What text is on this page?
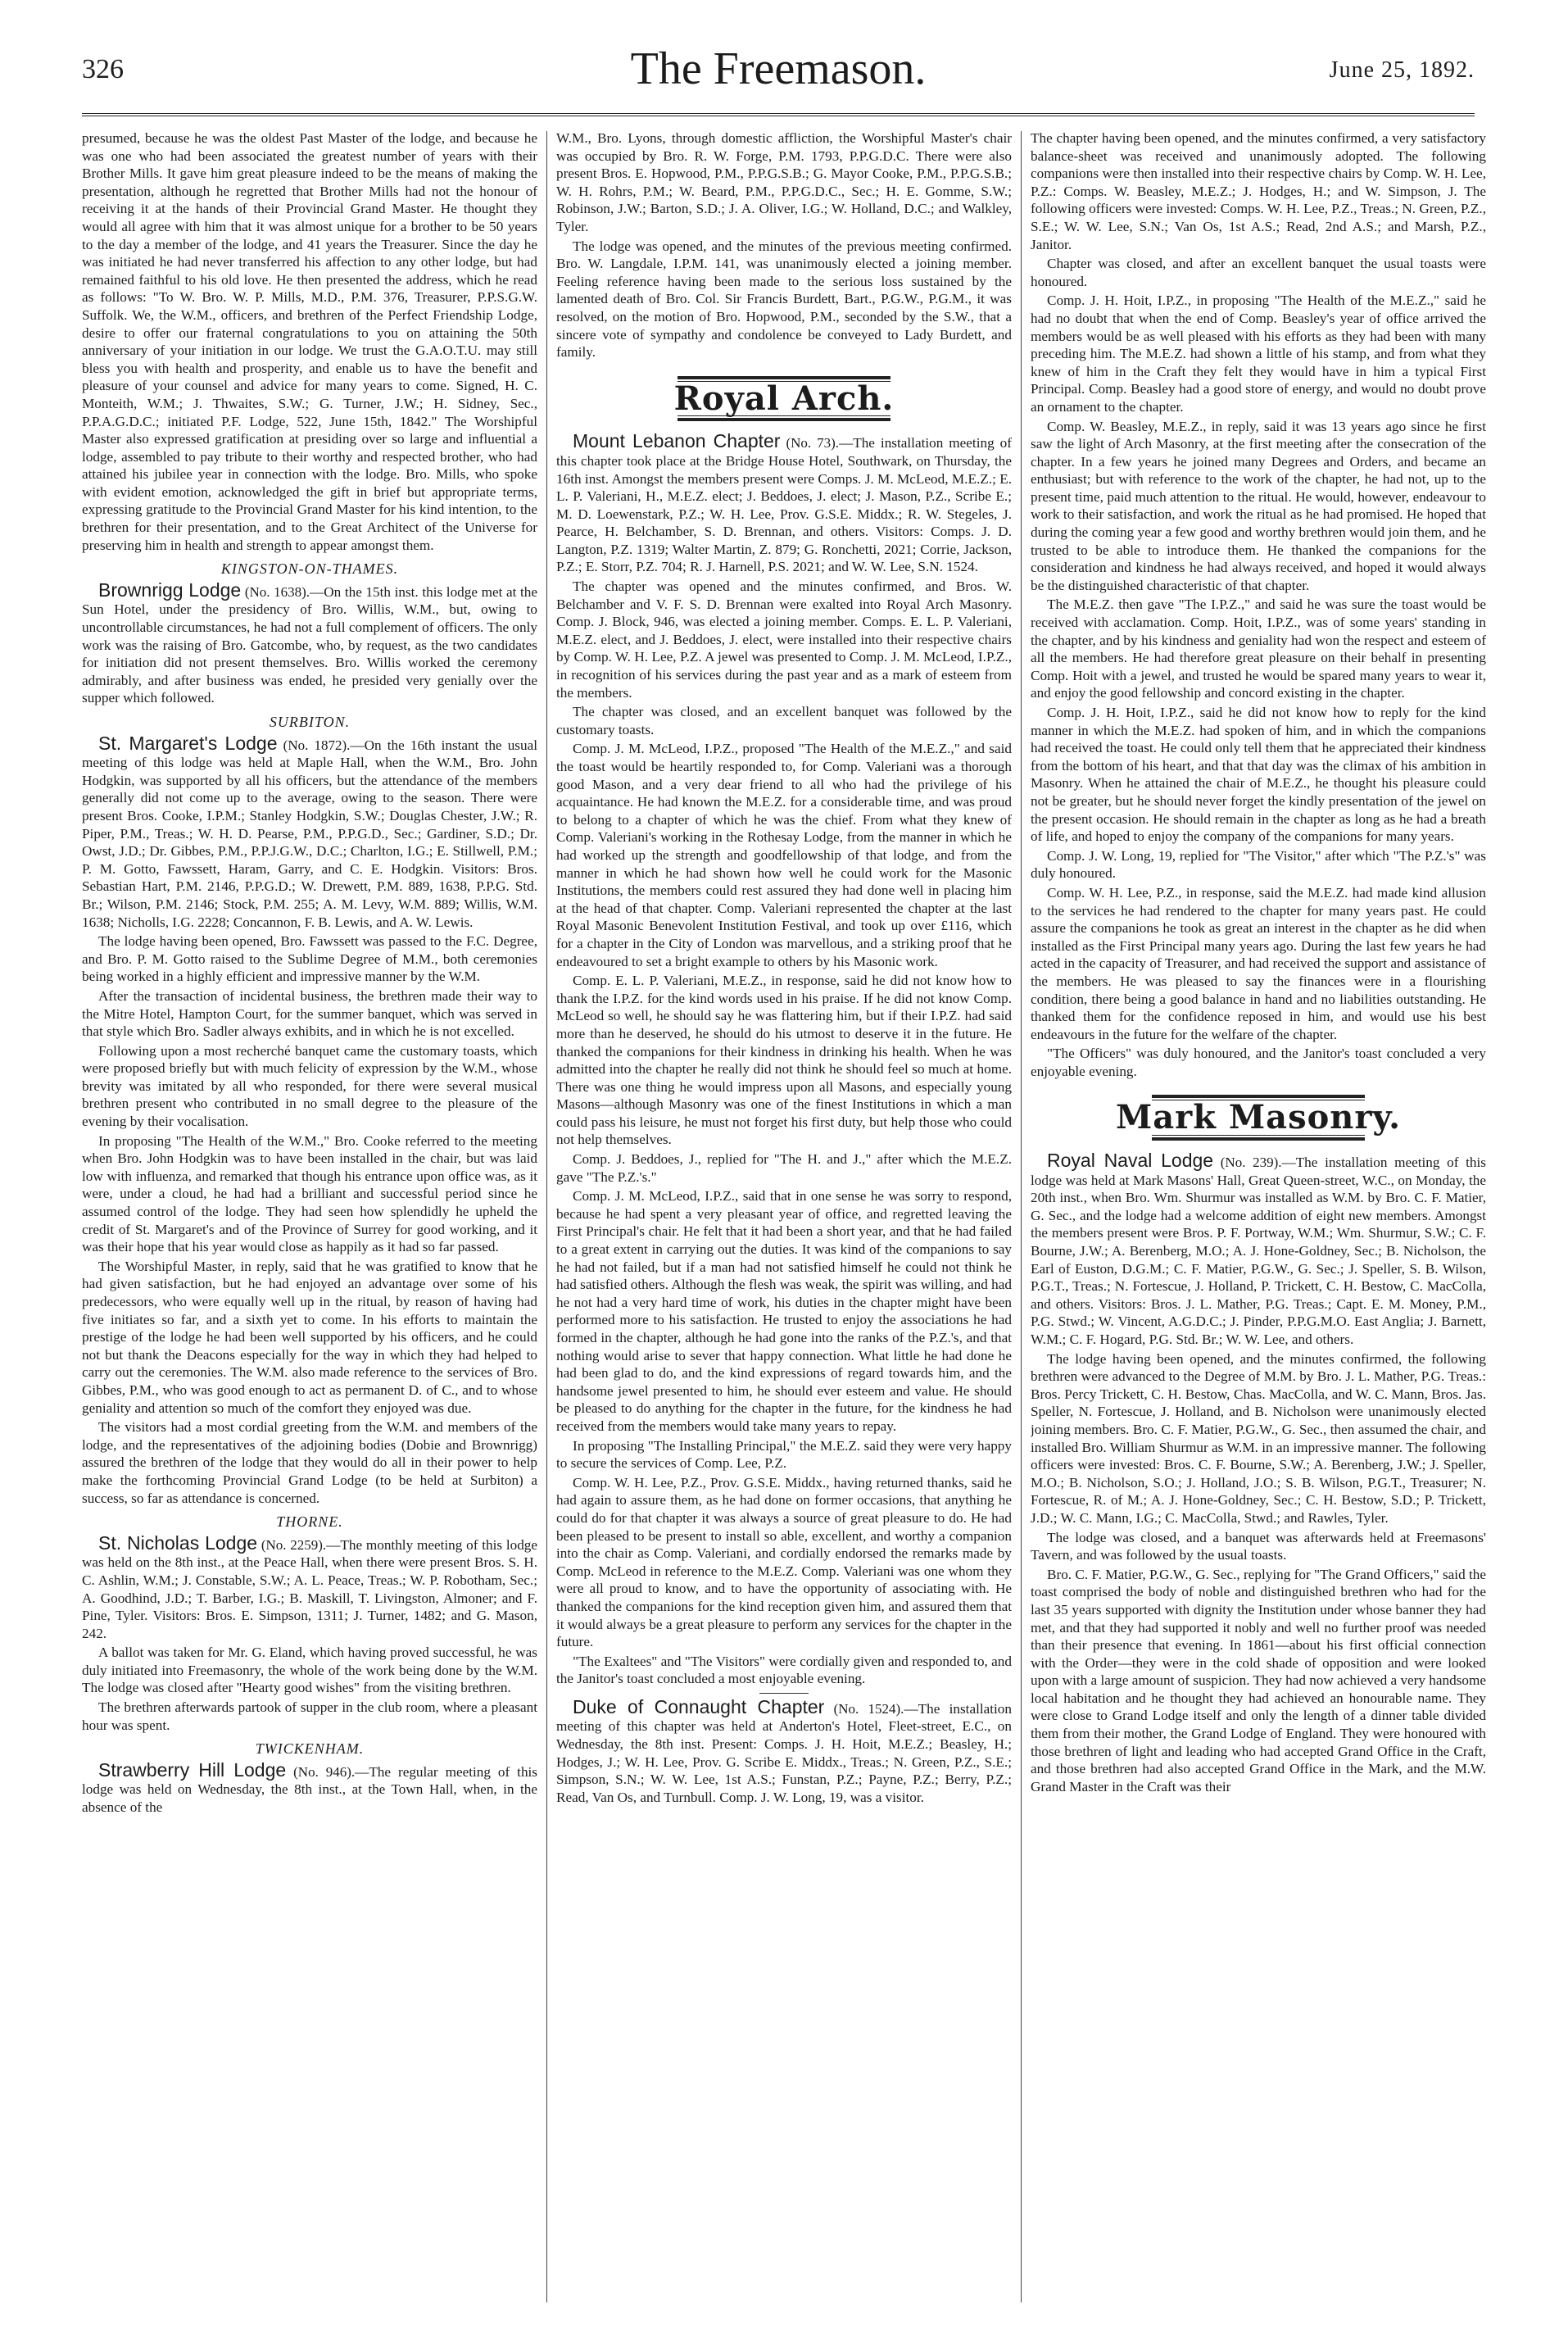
326	The Freemason.	June 25, 1892.

presumed, because he was the oldest Past Master of the lodge, and because he was one who had been associated the greatest number of years with their Brother Mills. It gave him great pleasure indeed to be the means of making the presentation, although he regretted that Brother Mills had not the honour of receiving it at the hands of their Provincial Grand Master. He thought they would all agree with him that it was almost unique for a brother to be 50 years to the day a member of the lodge, and 41 years the Treasurer. Since the day he was initiated he had never transferred his affection to any other lodge, but had remained faithful to his old love. He then presented the address, which he read as follows: "To W. Bro. W. P. Mills, M.D., P.M. 376, Treasurer, P.P.S.G.W. Suffolk. We, the W.M., officers, and brethren of the Perfect Friendship Lodge, desire to offer our fraternal congratulations to you on attaining the 50th anniversary of your initiation in our lodge. We trust the G.A.O.T.U. may still bless you with health and prosperity, and enable us to have the benefit and pleasure of your counsel and advice for many years to come. Signed, H. C. Monteith, W.M.; J. Thwaites, S.W.; G. Turner, J.W.; H. Sidney, Sec., P.P.A.G.D.C.; initiated P.F. Lodge, 522, June 15th, 1842." The Worshipful Master also expressed gratification at presiding over so large and influential a lodge, assembled to pay tribute to their worthy and respected brother, who had attained his jubilee year in connection with the lodge. Bro. Mills, who spoke with evident emotion, acknowledged the gift in brief but appropriate terms, expressing gratitude to the Provincial Grand Master for his kind intention, to the brethren for their presentation, and to the Great Architect of the Universe for preserving him in health and strength to appear amongst them.

KINGSTON-ON-THAMES.

Brownrigg Lodge (No. 1638).—On the 15th inst. this lodge met at the Sun Hotel, under the presidency of Bro. Willis, W.M., but, owing to uncontrollable circumstances, he had not a full complement of officers. The only work was the raising of Bro. Gatcombe, who, by request, as the two candidates for initiation did not present themselves. Bro. Willis worked the ceremony admirably, and after business was ended, he presided very genially over the supper which followed.

SURBITON.

St. Margaret's Lodge (No. 1872).—On the 16th instant the usual meeting of this lodge was held at Maple Hall, when the W.M., Bro. John Hodgkin, was supported by all his officers, but the attendance of the members generally did not come up to the average, owing to the season. There were present Bros. Cooke, I.P.M.; Stanley Hodgkin, S.W.; Douglas Chester, J.W.; R. Piper, P.M., Treas.; W. H. D. Pearse, P.M., P.P.G.D., Sec.; Gardiner, S.D.; Dr. Owst, J.D.; Dr. Gibbes, P.M., P.P.J.G.W., D.C.; Charlton, I.G.; E. Stillwell, P.M.; P. M. Gotto, Fawssett, Haram, Garry, and C. E. Hodgkin. Visitors: Bros. Sebastian Hart, P.M. 2146, P.P.G.D.; W. Drewett, P.M. 889, 1638, P.P.G. Std. Br.; Wilson, P.M. 2146; Stock, P.M. 255; A. M. Levy, W.M. 889; Willis, W.M. 1638; Nicholls, I.G. 2228; Concannon, F. B. Lewis, and A. W. Lewis.

The lodge having been opened, Bro. Fawssett was passed to the F.C. Degree, and Bro. P. M. Gotto raised to the Sublime Degree of M.M., both ceremonies being worked in a highly efficient and impressive manner by the W.M.

After the transaction of incidental business, the brethren made their way to the Mitre Hotel, Hampton Court, for the summer banquet, which was served in that style which Bro. Sadler always exhibits, and in which he is not excelled.

Following upon a most recherché banquet came the customary toasts, which were proposed briefly but with much felicity of expression by the W.M., whose brevity was imitated by all who responded, for there were several musical brethren present who contributed in no small degree to the pleasure of the evening by their vocalisation.

In proposing "The Health of the W.M.," Bro. Cooke referred to the meeting when Bro. John Hodgkin was to have been installed in the chair, but was laid low with influenza, and remarked that though his entrance upon office was, as it were, under a cloud, he had had a brilliant and successful period since he assumed control of the lodge. They had seen how splendidly he upheld the credit of St. Margaret's and of the Province of Surrey for good working, and it was their hope that his year would close as happily as it had so far passed.

The Worshipful Master, in reply, said that he was gratified to know that he had given satisfaction, but he had enjoyed an advantage over some of his predecessors, who were equally well up in the ritual, by reason of having had five initiates so far, and a sixth yet to come. In his efforts to maintain the prestige of the lodge he had been well supported by his officers, and he could not but thank the Deacons especially for the way in which they had helped to carry out the ceremonies. The W.M. also made reference to the services of Bro. Gibbes, P.M., who was good enough to act as permanent D. of C., and to whose geniality and attention so much of the comfort they enjoyed was due.

The visitors had a most cordial greeting from the W.M. and members of the lodge, and the representatives of the adjoining bodies (Dobie and Brownrigg) assured the brethren of the lodge that they would do all in their power to help make the forthcoming Provincial Grand Lodge (to be held at Surbiton) a success, so far as attendance is concerned.

THORNE.

St. Nicholas Lodge (No. 2259).—The monthly meeting of this lodge was held on the 8th inst., at the Peace Hall, when there were present Bros. S. H. C. Ashlin, W.M.; J. Constable, S.W.; A. L. Peace, Treas.; W. P. Robotham, Sec.; A. Goodhind, J.D.; T. Barber, I.G.; B. Maskill, T. Livingston, Almoner; and F. Pine, Tyler. Visitors: Bros. E. Simpson, 1311; J. Turner, 1482; and G. Mason, 242.

A ballot was taken for Mr. G. Eland, which having proved successful, he was duly initiated into Freemasonry, the whole of the work being done by the W.M. The lodge was closed after "Hearty good wishes" from the visiting brethren.

The brethren afterwards partook of supper in the club room, where a pleasant hour was spent.

TWICKENHAM.

Strawberry Hill Lodge (No. 946).—The regular meeting of this lodge was held on Wednesday, the 8th inst., at the Town Hall, when, in the absence of the

W.M., Bro. Lyons, through domestic affliction, the Worshipful Master's chair was occupied by Bro. R. W. Forge, P.M. 1793, P.P.G.D.C. There were also present Bros. E. Hopwood, P.M., P.P.G.S.B.; G. Mayor Cooke, P.M., P.P.G.S.B.; W. H. Rohrs, P.M.; W. Beard, P.M., P.P.G.D.C., Sec.; H. E. Gomme, S.W.; Robinson, J.W.; Barton, S.D.; J. A. Oliver, I.G.; W. Holland, D.C.; and Walkley, Tyler.

The lodge was opened, and the minutes of the previous meeting confirmed. Bro. W. Langdale, I.P.M. 141, was unanimously elected a joining member. Feeling reference having been made to the serious loss sustained by the lamented death of Bro. Col. Sir Francis Burdett, Bart., P.G.W., P.G.M., it was resolved, on the motion of Bro. Hopwood, P.M., seconded by the S.W., that a sincere vote of sympathy and condolence be conveyed to Lady Burdett, and family.

Royal Arch.

Mount Lebanon Chapter (No. 73).—The installation meeting of this chapter took place at the Bridge House Hotel, Southwark, on Thursday, the 16th inst. Amongst the members present were Comps. J. M. McLeod, M.E.Z.; E. L. P. Valeriani, H., M.E.Z. elect; J. Beddoes, J. elect; J. Mason, P.Z., Scribe E.; M. D. Loewenstark, P.Z.; W. H. Lee, Prov. G.S.E. Middx.; R. W. Stegeles, J. Pearce, H. Belchamber, S. D. Brennan, and others. Visitors: Comps. J. D. Langton, P.Z. 1319; Walter Martin, Z. 879; G. Ronchetti, 2021; Corrie, Jackson, P.Z.; E. Storr, P.Z. 704; R. J. Harnell, P.S. 2021; and W. W. Lee, S.N. 1524.

The chapter was opened and the minutes confirmed, and Bros. W. Belchamber and V. F. S. D. Brennan were exalted into Royal Arch Masonry. Comp. J. Block, 946, was elected a joining member. Comps. E. L. P. Valeriani, M.E.Z. elect, and J. Beddoes, J. elect, were installed into their respective chairs by Comp. W. H. Lee, P.Z. A jewel was presented to Comp. J. M. McLeod, I.P.Z., in recognition of his services during the past year and as a mark of esteem from the members.

The chapter was closed, and an excellent banquet was followed by the customary toasts.

Comp. J. M. McLeod, I.P.Z., proposed "The Health of the M.E.Z.," and said the toast would be heartily responded to, for Comp. Valeriani was a thorough good Mason, and a very dear friend to all who had the privilege of his acquaintance. He had known the M.E.Z. for a considerable time, and was proud to belong to a chapter of which he was the chief. From what they knew of Comp. Valeriani's working in the Rothesay Lodge, from the manner in which he had worked up the strength and goodfellowship of that lodge, and from the manner in which he had shown how well he could work for the Masonic Institutions, the members could rest assured they had done well in placing him at the head of that chapter. Comp. Valeriani represented the chapter at the last Royal Masonic Benevolent Institution Festival, and took up over £116, which for a chapter in the City of London was marvellous, and a striking proof that he endeavoured to set a bright example to others by his Masonic work.

Comp. E. L. P. Valeriani, M.E.Z., in response, said he did not know how to thank the I.P.Z. for the kind words used in his praise. If he did not know Comp. McLeod so well, he should say he was flattering him, but if their I.P.Z. had said more than he deserved, he should do his utmost to deserve it in the future. He thanked the companions for their kindness in drinking his health. When he was admitted into the chapter he really did not think he should feel so much at home. There was one thing he would impress upon all Masons, and especially young Masons—although Masonry was one of the finest Institutions in which a man could pass his leisure, he must not forget his first duty, but help those who could not help themselves.

Comp. J. Beddoes, J., replied for "The H. and J.," after which the M.E.Z. gave "The P.Z.'s."

Comp. J. M. McLeod, I.P.Z., said that in one sense he was sorry to respond, because he had spent a very pleasant year of office, and regretted leaving the First Principal's chair. He felt that it had been a short year, and that he had failed to a great extent in carrying out the duties. It was kind of the companions to say he had not failed, but if a man had not satisfied himself he could not think he had satisfied others. Although the flesh was weak, the spirit was willing, and had he not had a very hard time of work, his duties in the chapter might have been performed more to his satisfaction. He trusted to enjoy the associations he had formed in the chapter, although he had gone into the ranks of the P.Z.'s, and that nothing would arise to sever that happy connection. What little he had done he had been glad to do, and the kind expressions of regard towards him, and the handsome jewel presented to him, he should ever esteem and value. He should be pleased to do anything for the chapter in the future, for the kindness he had received from the members would take many years to repay.

In proposing "The Installing Principal," the M.E.Z. said they were very happy to secure the services of Comp. Lee, P.Z.

Comp. W. H. Lee, P.Z., Prov. G.S.E. Middx., having returned thanks, said he had again to assure them, as he had done on former occasions, that anything he could do for that chapter it was always a source of great pleasure to do. He had been pleased to be present to install so able, excellent, and worthy a companion into the chair as Comp. Valeriani, and cordially endorsed the remarks made by Comp. McLeod in reference to the M.E.Z. Comp. Valeriani was one whom they were all proud to know, and to have the opportunity of associating with. He thanked the companions for the kind reception given him, and assured them that it would always be a great pleasure to perform any services for the chapter in the future.

"The Exaltees" and "The Visitors" were cordially given and responded to, and the Janitor's toast concluded a most enjoyable evening.

Duke of Connaught Chapter (No. 1524).—The installation meeting of this chapter was held at Anderton's Hotel, Fleet-street, E.C., on Wednesday, the 8th inst. Present: Comps. J. H. Hoit, M.E.Z.; Beasley, H.; Hodges, J.; W. H. Lee, Prov. G. Scribe E. Middx., Treas.; N. Green, P.Z., S.E.; Simpson, S.N.; W. W. Lee, 1st A.S.; Funstan, P.Z.; Payne, P.Z.; Berry, P.Z.; Read, Van Os, and Turnbull. Comp. J. W. Long, 19, was a visitor.

The chapter having been opened, and the minutes confirmed, a very satisfactory balance-sheet was received and unanimously adopted. The following companions were then installed into their respective chairs by Comp. W. H. Lee, P.Z.: Comps. W. Beasley, M.E.Z.; J. Hodges, H.; and W. Simpson, J. The following officers were invested: Comps. W. H. Lee, P.Z., Treas.; N. Green, P.Z., S.E.; W. W. Lee, S.N.; Van Os, 1st A.S.; Read, 2nd A.S.; and Marsh, P.Z., Janitor.

Chapter was closed, and after an excellent banquet the usual toasts were honoured.

Comp. J. H. Hoit, I.P.Z., in proposing "The Health of the M.E.Z.," said he had no doubt that when the end of Comp. Beasley's year of office arrived the members would be as well pleased with his efforts as they had been with many preceding him. The M.E.Z. had shown a little of his stamp, and from what they knew of him in the Craft they felt they would have in him a typical First Principal. Comp. Beasley had a good store of energy, and would no doubt prove an ornament to the chapter.

Comp. W. Beasley, M.E.Z., in reply, said it was 13 years ago since he first saw the light of Arch Masonry, at the first meeting after the consecration of the chapter. In a few years he joined many Degrees and Orders, and became an enthusiast; but with reference to the work of the chapter, he had not, up to the present time, paid much attention to the ritual. He would, however, endeavour to work to their satisfaction, and work the ritual as he had promised. He hoped that during the coming year a few good and worthy brethren would join them, and he trusted to be able to introduce them. He thanked the companions for the consideration and kindness he had always received, and hoped it would always be the distinguished characteristic of that chapter.

The M.E.Z. then gave "The I.P.Z.," and said he was sure the toast would be received with acclamation. Comp. Hoit, I.P.Z., was of some years' standing in the chapter, and by his kindness and geniality had won the respect and esteem of all the members. He had therefore great pleasure on their behalf in presenting Comp. Hoit with a jewel, and trusted he would be spared many years to wear it, and enjoy the good fellowship and concord existing in the chapter.

Comp. J. H. Hoit, I.P.Z., said he did not know how to reply for the kind manner in which the M.E.Z. had spoken of him, and in which the companions had received the toast. He could only tell them that he appreciated their kindness from the bottom of his heart, and that that day was the climax of his ambition in Masonry. When he attained the chair of M.E.Z., he thought his pleasure could not be greater, but he should never forget the kindly presentation of the jewel on the present occasion. He should remain in the chapter as long as he had a breath of life, and hoped to enjoy the company of the companions for many years.

Comp. J. W. Long, 19, replied for "The Visitor," after which "The P.Z.'s" was duly honoured.

Comp. W. H. Lee, P.Z., in response, said the M.E.Z. had made kind allusion to the services he had rendered to the chapter for many years past. He could assure the companions he took as great an interest in the chapter as he did when installed as the First Principal many years ago. During the last few years he had acted in the capacity of Treasurer, and had received the support and assistance of the members. He was pleased to say the finances were in a flourishing condition, there being a good balance in hand and no liabilities outstanding. He thanked them for the confidence reposed in him, and would use his best endeavours in the future for the welfare of the chapter.

"The Officers" was duly honoured, and the Janitor's toast concluded a very enjoyable evening.

Mark Masonry.

Royal Naval Lodge (No. 239).—The installation meeting of this lodge was held at Mark Masons' Hall, Great Queen-street, W.C., on Monday, the 20th inst., when Bro. Wm. Shurmur was installed as W.M. by Bro. C. F. Matier, G. Sec., and the lodge had a welcome addition of eight new members. Amongst the members present were Bros. P. F. Portway, W.M.; Wm. Shurmur, S.W.; C. F. Bourne, J.W.; A. Berenberg, M.O.; A. J. Hone-Goldney, Sec.; B. Nicholson, the Earl of Euston, D.G.M.; C. F. Matier, P.G.W., G. Sec.; J. Speller, S. B. Wilson, P.G.T., Treas.; N. Fortescue, J. Holland, P. Trickett, C. H. Bestow, C. MacColla, and others. Visitors: Bros. J. L. Mather, P.G. Treas.; Capt. E. M. Money, P.M., P.G. Stwd.; W. Vincent, A.G.D.C.; J. Pinder, P.P.G.M.O. East Anglia; J. Barnett, W.M.; C. F. Hogard, P.G. Std. Br.; W. W. Lee, and others.

The lodge having been opened, and the minutes confirmed, the following brethren were advanced to the Degree of M.M. by Bro. J. L. Mather, P.G. Treas.: Bros. Percy Trickett, C. H. Bestow, Chas. MacColla, and W. C. Mann, Bros. Jas. Speller, N. Fortescue, J. Holland, and B. Nicholson were unanimously elected joining members. Bro. C. F. Matier, P.G.W., G. Sec., then assumed the chair, and installed Bro. William Shurmur as W.M. in an impressive manner. The following officers were invested: Bros. C. F. Bourne, S.W.; A. Berenberg, J.W.; J. Speller, M.O.; B. Nicholson, S.O.; J. Holland, J.O.; S. B. Wilson, P.G.T., Treasurer; N. Fortescue, R. of M.; A. J. Hone-Goldney, Sec.; C. H. Bestow, S.D.; P. Trickett, J.D.; W. C. Mann, I.G.; C. MacColla, Stwd.; and Rawles, Tyler.

The lodge was closed, and a banquet was afterwards held at Freemasons' Tavern, and was followed by the usual toasts.

Bro. C. F. Matier, P.G.W., G. Sec., replying for "The Grand Officers," said the toast comprised the body of noble and distinguished brethren who had for the last 35 years supported with dignity the Institution under whose banner they had met, and that they had supported it nobly and well no further proof was needed than their presence that evening. In 1861—about his first official connection with the Order—they were in the cold shade of opposition and were looked upon with a large amount of suspicion. They had now achieved a very handsome local habitation and he thought they had achieved an honourable name. They were close to Grand Lodge itself and only the length of a dinner table divided them from their mother, the Grand Lodge of England. They were honoured with those brethren of light and leading who had accepted Grand Office in the Craft, and those brethren had also accepted Grand Office in the Mark, and the M.W. Grand Master in the Craft was their
